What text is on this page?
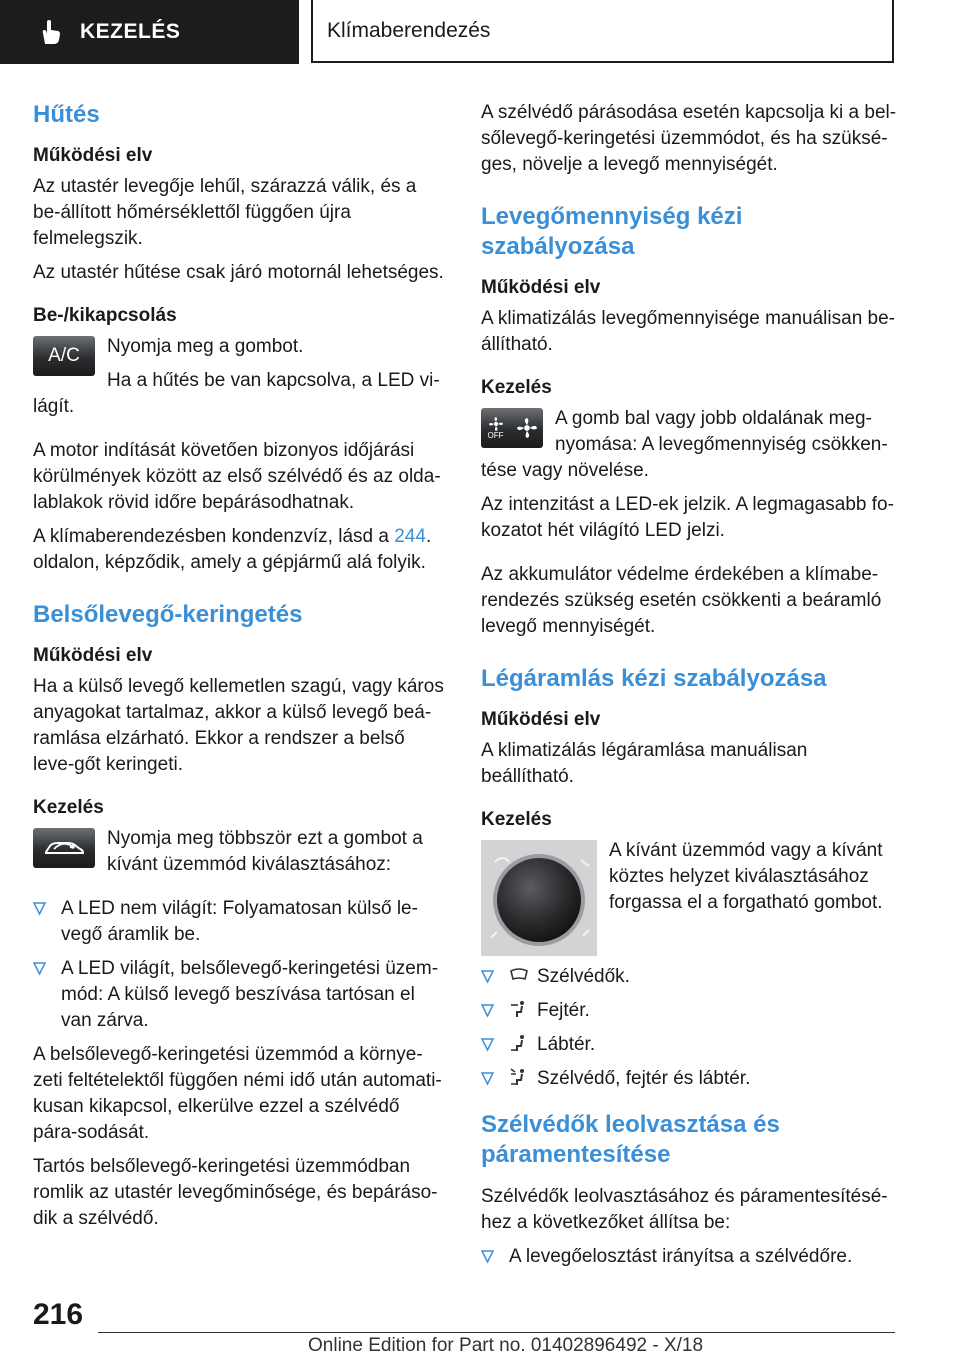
KEZELÉS	Klímaberendezés
Hűtés
Működési elv

Az utastér levegője lehűl, szárazzá válik, és a be-állított hőmérséklettől függően újra felmelegszik.

Az utastér hűtése csak járó motornál lehetséges.

Be-/kikapcsolás
A/C	Nyomja meg a gombot.

Ha a hűtés be van kapcsolva, a LED vi-lágít.

A motor indítását követően bizonyos időjárási körülmények között az első szélvédő és az olda-lablakok rövid időre bepárásodhatnak.

A klímaberendezésben kondenzvíz, lásd a 244. oldalon, képződik, amely a gépjármű alá folyik.

Belsőlevegő-keringetés
Működési elv

Ha a külső levegő kellemetlen szagú, vagy káros anyagokat tartalmaz, akkor a külső levegő beá-ramlása elzárható. Ekkor a rendszer a belső leve-gőt keringeti.

Kezelés

Nyomja meg többször ezt a gombot a kívánt üzemmód kiválasztásához:

A LED nem világít: Folyamatosan külső le-vegő áramlik be.
A LED világít, belsőlevegő-keringetési üzem-mód: A külső levegő beszívása tartósan el van zárva.

A belsőlevegő-keringetési üzemmód a környe-zeti feltételektől függően némi idő után automati-kusan kikapcsol, elkerülve ezzel a szélvédő pára-sodását.

Tartós belsőlevegő-keringetési üzemmódban romlik az utastér levegőminősége, és bepáráso-dik a szélvédő.

A szélvédő párásodása esetén kapcsolja ki a bel-sőlevegő-keringetési üzemmódot, és ha szüksé-ges, növelje a levegő mennyiségét.

Levegőmennyiség kézi szabályozása
Működési elv

A klimatizálás levegőmennyisége manuálisan be-állítható.

Kezelés
OFF

A gomb bal vagy jobb oldalának meg-nyomása: A levegőmennyiség csökken-tése vagy növelése.

Az intenzitást a LED-ek jelzik. A legmagasabb fo-kozatot hét világító LED jelzi.

Az akkumulátor védelme érdekében a klímabe-rendezés szükség esetén csökkenti a beáramló levegő mennyiségét.

Légáramlás kézi szabályozása
Működési elv

A klimatizálás légáramlása manuálisan beállítható.

Kezelés

A kívánt üzemmód vagy a kívánt köztes helyzet kiválasztásához forgassa el a forgatható gombot.

Szélvédők.
Fejtér.
Lábtér.
Szélvédő, fejtér és lábtér.
Szélvédők leolvasztása és páramentesítése

Szélvédők leolvasztásához és páramentesítésé-hez a következőket állítsa be:

A levegőelosztást irányítsa a szélvédőre.
216
Online Edition for Part no. 01402896492 - X/18
